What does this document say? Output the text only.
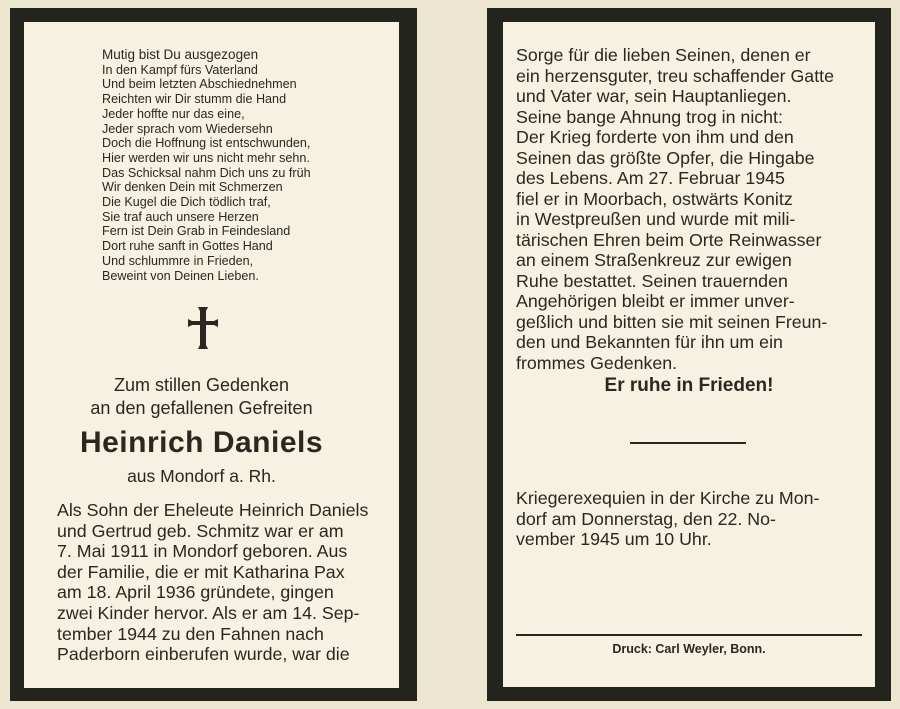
Mutig bist Du ausgezogen
In den Kampf fürs Vaterland
Und beim letzten Abschiednehmen
Reichten wir Dir stumm die Hand
Jeder hoffte nur das eine,
Jeder sprach vom Wiedersehn
Doch die Hoffnung ist entschwunden,
Hier werden wir uns nicht mehr sehn.
Das Schicksal nahm Dich uns zu früh
Wir denken Dein mit Schmerzen
Die Kugel die Dich tödlich traf,
Sie traf auch unsere Herzen
Fern ist Dein Grab in Feindesland
Dort ruhe sanft in Gottes Hand
Und schlummre in Frieden,
Beweint von Deinen Lieben.
Zum stillen Gedenken
an den gefallenen Gefreiten
Heinrich Daniels
aus Mondorf a. Rh.
Als Sohn der Eheleute Heinrich Daniels
und Gertrud geb. Schmitz war er am
7. Mai 1911 in Mondorf geboren. Aus
der Familie, die er mit Katharina Pax
am 18. April 1936 gründete, gingen
zwei Kinder hervor. Als er am 14. Sep-
tember 1944 zu den Fahnen nach
Paderborn einberufen wurde, war die
Sorge für die lieben Seinen, denen er
ein herzensguter, treu schaffender Gatte
und Vater war, sein Hauptanliegen.
Seine bange Ahnung trog in nicht:
Der Krieg forderte von ihm und den
Seinen das größte Opfer, die Hingabe
des Lebens. Am 27. Februar 1945
fiel er in Moorbach, ostwärts Konitz
in Westpreußen und wurde mit mili-
tärischen Ehren beim Orte Reinwasser
an einem Straßenkreuz zur ewigen
Ruhe bestattet. Seinen trauernden
Angehörigen bleibt er immer unver-
geßlich und bitten sie mit seinen Freun-
den und Bekannten für ihn um ein
frommes Gedenken.
Er ruhe in Frieden!
Kriegerexequien in der Kirche zu Mon-
dorf am Donnerstag, den 22. No-
vember 1945 um 10 Uhr.
Druck: Carl Weyler, Bonn.
